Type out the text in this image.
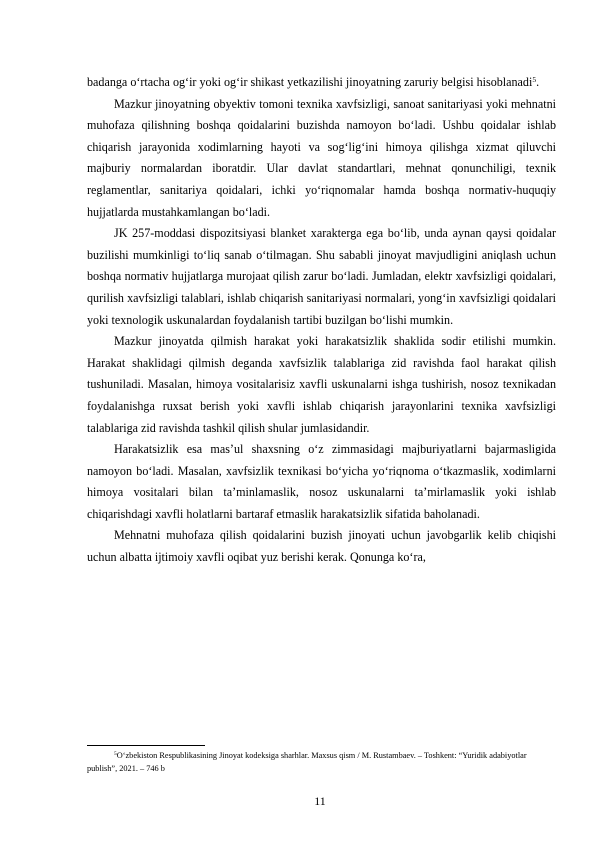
badanga o‘rtacha og‘ir yoki og‘ir shikast yetkazilishi jinoyatning zaruriy belgisi hisoblanadi$^5$.

Mazkur jinoyatning obyektiv tomoni texnika xavfsizligi, sanoat sanitariyasi yoki mehnatni muhofaza qilishning boshqa qoidalarini buzishda namoyon bo‘ladi. Ushbu qoidalar ishlab chiqarish jarayonida xodimlarning hayoti va sog‘lig‘ini himoya qilishga xizmat qiluvchi majburiy normalardan iboratdir. Ular davlat standartlari, mehnat qonunchiligi, texnik reglamentlar, sanitariya qoidalari, ichki yo‘riqnomalar hamda boshqa normativ-huquqiy hujjatlarda mustahkamlangan bo‘ladi.

JK 257-moddasi dispozitsiyasi blanket xarakterga ega bo‘lib, unda aynan qaysi qoidalar buzilishi mumkinligi to‘liq sanab o‘tilmagan. Shu sababli jinoyat mavjudligini aniqlash uchun boshqa normativ hujjatlarga murojaat qilish zarur bo‘ladi. Jumladan, elektr xavfsizligi qoidalari, qurilish xavfsizligi talablari, ishlab chiqarish sanitariyasi normalari, yong‘in xavfsizligi qoidalari yoki texnologik uskunalardan foydalanish tartibi buzilgan bo‘lishi mumkin.

Mazkur jinoyatda qilmish harakat yoki harakatsizlik shaklida sodir etilishi mumkin. Harakat shaklidagi qilmish deganda xavfsizlik talablariga zid ravishda faol harakat qilish tushuniladi. Masalan, himoya vositalarisiz xavfli uskunalarni ishga tushirish, nosoz texnikadan foydalanishga ruxsat berish yoki xavfli ishlab chiqarish jarayonlarini texnika xavfsizligi talablariga zid ravishda tashkil qilish shular jumlasidandir.

Harakatsizlik esa mas’ul shaxsning o‘z zimmasidagi majburiyatlarni bajarmasligida namoyon bo‘ladi. Masalan, xavfsizlik texnikasi bo‘yicha yo‘riqnoma o‘tkazmaslik, xodimlarni himoya vositalari bilan ta’minlamaslik, nosoz uskunalarni ta’mirlamaslik yoki ishlab chiqarishdagi xavfli holatlarni bartaraf etmaslik harakatsizlik sifatida baholanadi.

Mehnatni muhofaza qilish qoidalarini buzish jinoyati uchun javobgarlik kelib chiqishi uchun albatta ijtimoiy xavfli oqibat yuz berishi kerak. Qonunga ko‘ra,

$^5$O‘zbekiston Respublikasining Jinoyat kodeksiga sharhlar. Maxsus qism / M. Rustambaev. – Toshkent: “Yuridik adabiyotlar publish”, 2021. – 746 b

11
